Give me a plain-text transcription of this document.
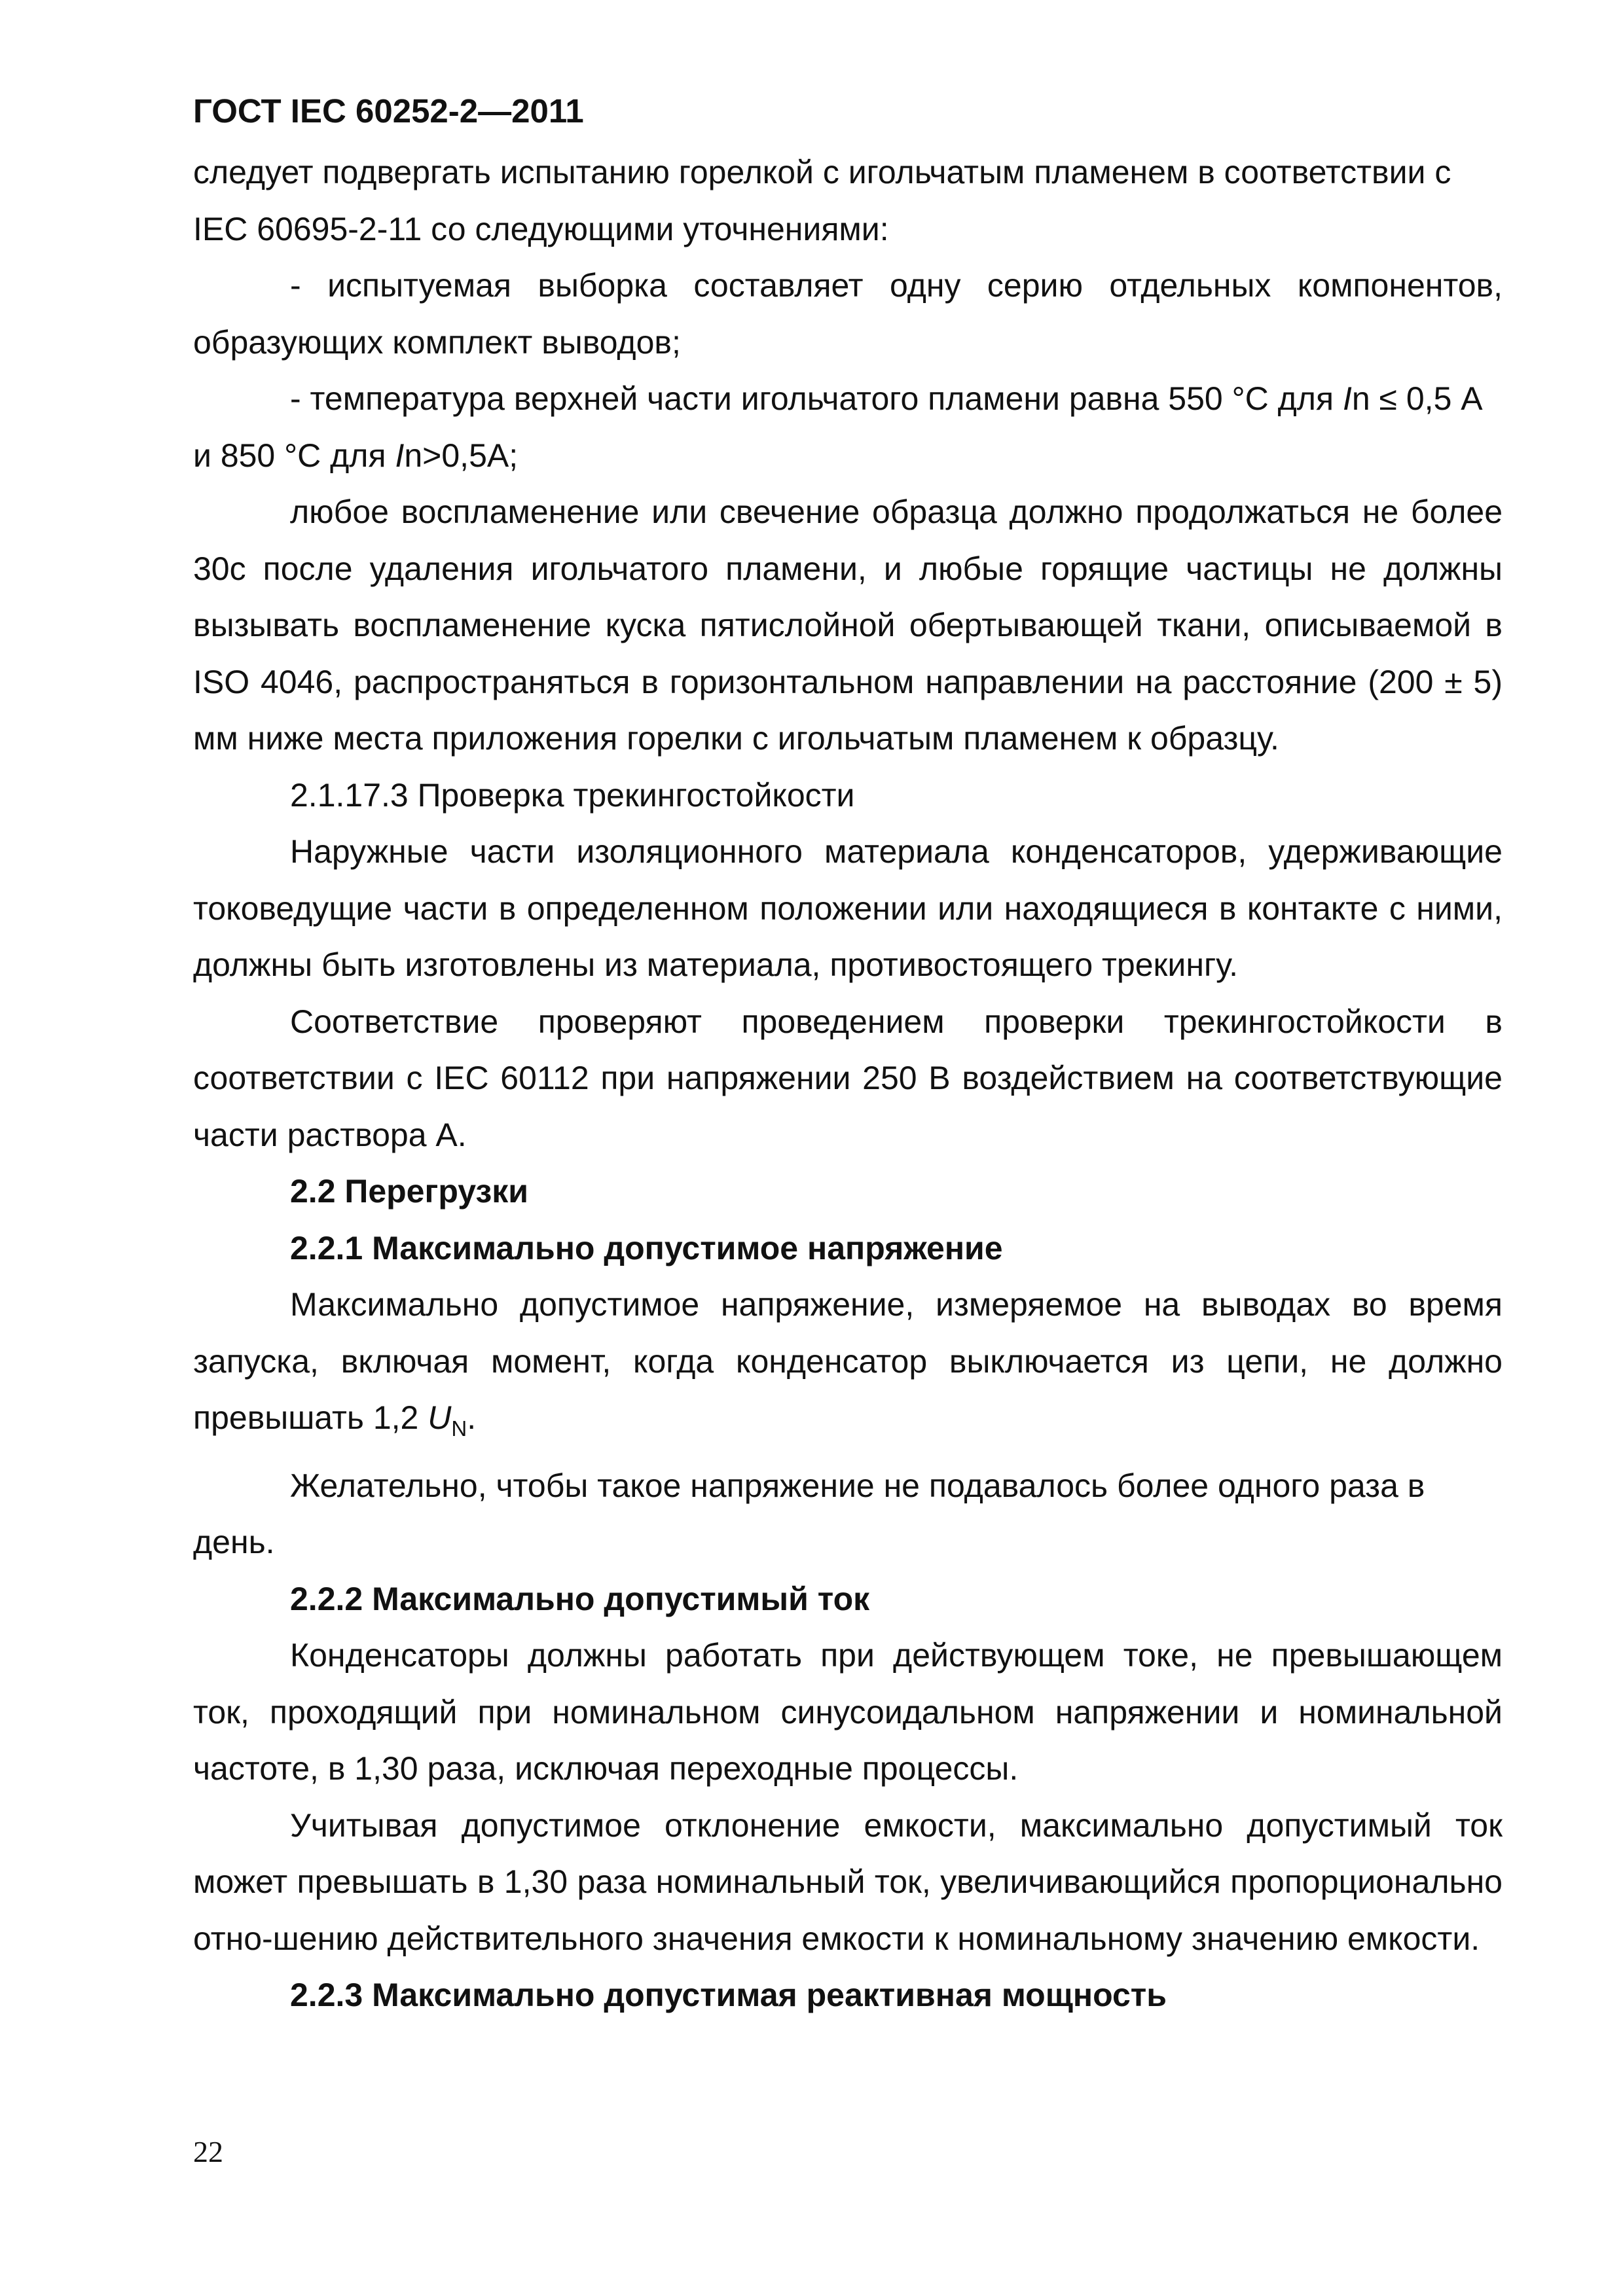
ГОСТ IEC 60252-2—2011

следует подвергать испытанию горелкой с игольчатым пламенем в соответствии с IEC 60695-2-11 со следующими уточнениями:

- испытуемая выборка составляет одну серию отдельных компонентов, образующих комплект выводов;

- температура верхней части игольчатого пламени равна 550 °С для In ≤ 0,5 А и 850 °С для In>0,5А;

любое воспламенение или свечение образца должно продолжаться не более 30с после удаления игольчатого пламени, и любые горящие частицы не должны вызывать воспламенение куска пятислойной обертывающей ткани, описываемой в ISO 4046, распространяться в горизонтальном направлении на расстояние (200 ± 5) мм ниже места приложения горелки с игольчатым пламенем к образцу.

2.1.17.3 Проверка трекингостойкости

Наружные части изоляционного материала конденсаторов, удерживающие токоведущие части в определенном положении или находящиеся в контакте с ними, должны быть изготовлены из материала, противостоящего трекингу.

Соответствие проверяют проведением проверки трекингостойкости в соответствии с IEC 60112 при напряжении 250 В воздействием на соответствующие части раствора А.

2.2 Перегрузки

2.2.1 Максимально допустимое напряжение

Максимально допустимое напряжение, измеряемое на выводах во время запуска, включая момент, когда конденсатор выключается из цепи, не должно превышать 1,2 $U_N$.

Желательно, чтобы такое напряжение не подавалось более одного раза в день.

2.2.2 Максимально допустимый ток

Конденсаторы должны работать при действующем токе, не превышающем ток, проходящий при номинальном синусоидальном напряжении и номинальной частоте, в 1,30 раза, исключая переходные процессы.

Учитывая допустимое отклонение емкости, максимально допустимый ток может превышать в 1,30 раза номинальный ток, увеличивающийся пропорционально отно-шению действительного значения емкости к номинальному значению емкости.

2.2.3 Максимально допустимая реактивная мощность

22
